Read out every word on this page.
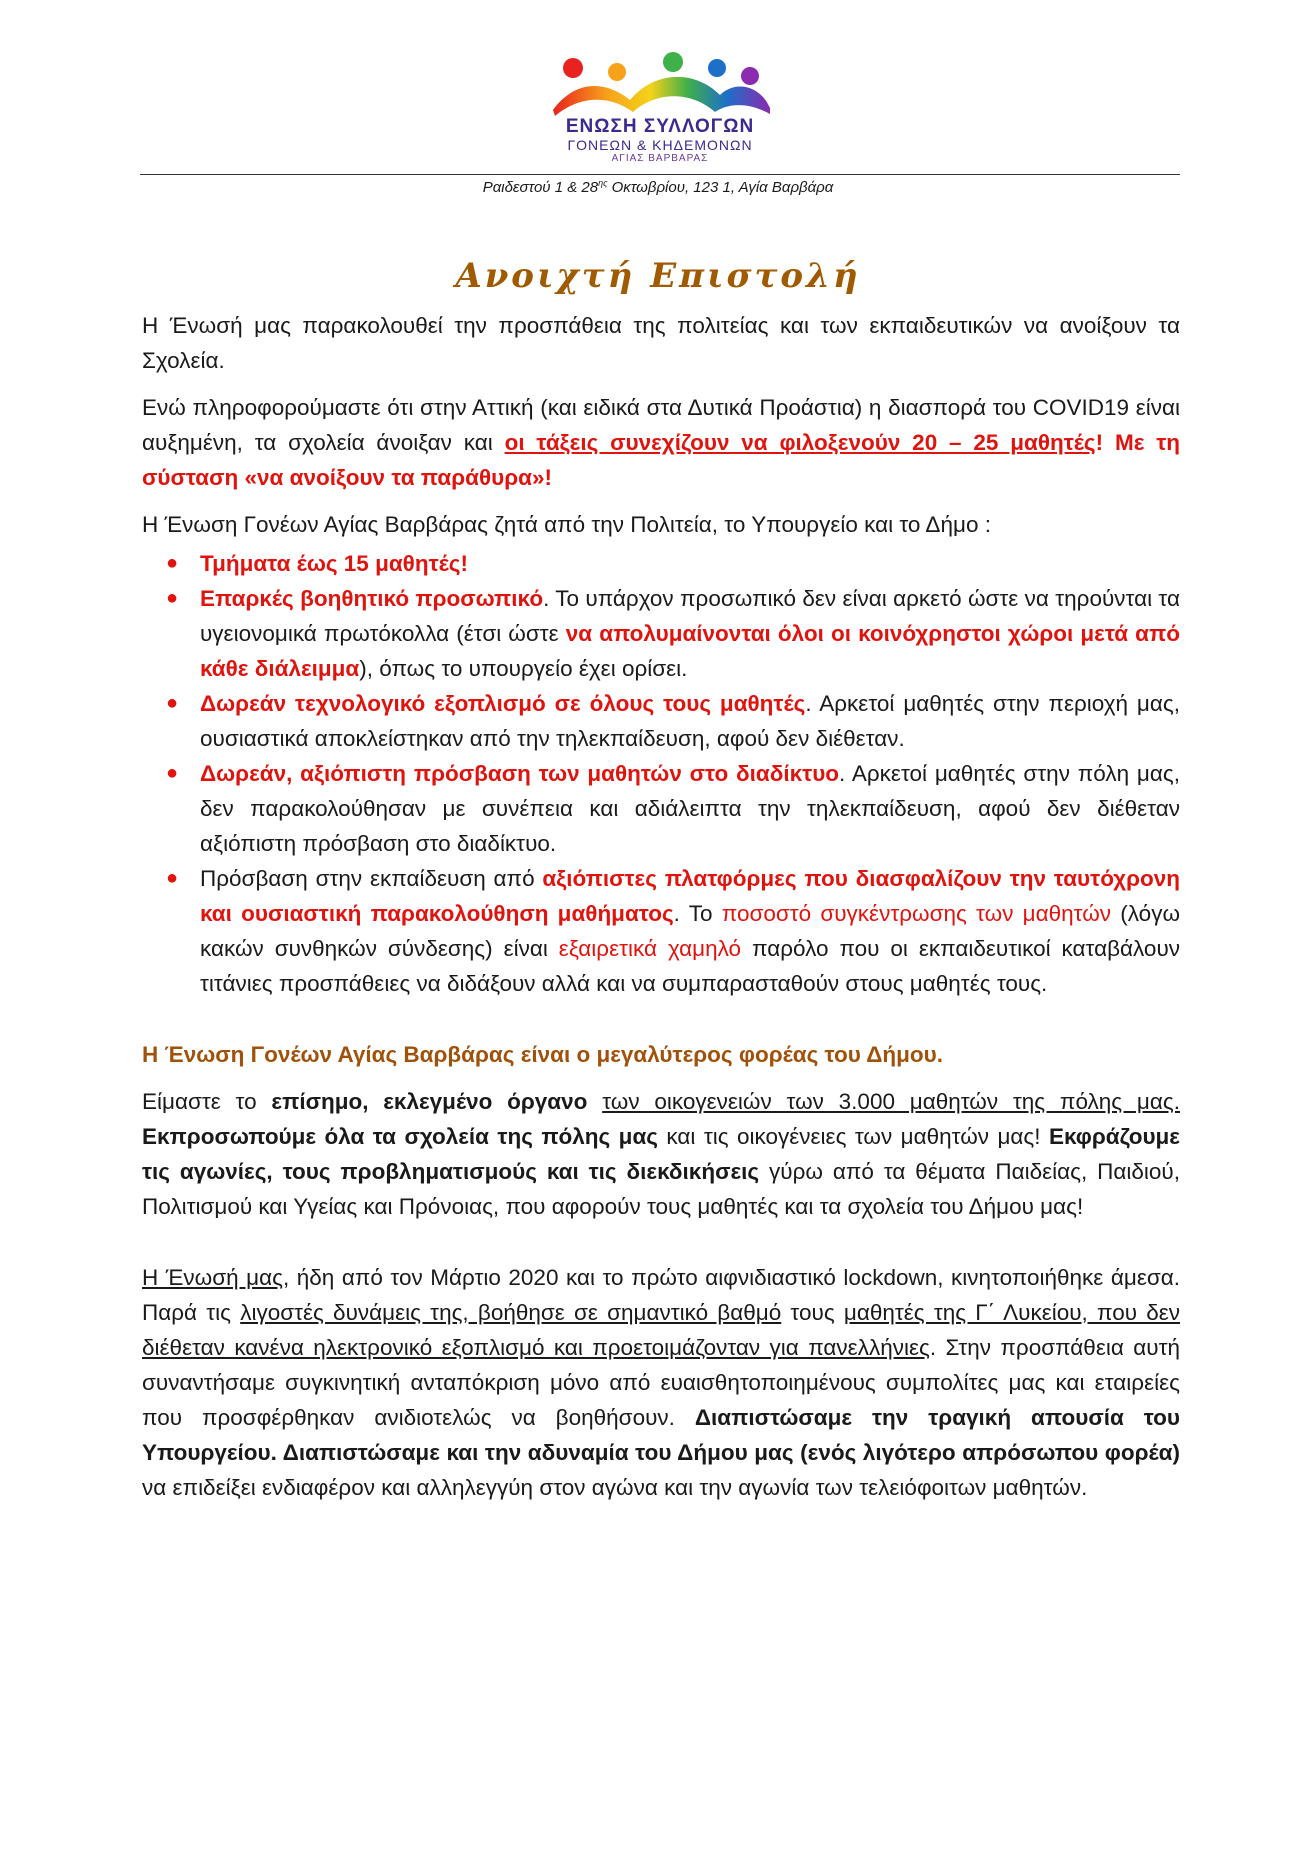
ΕΝΩΣΗ ΣΥΛΛΟΓΩΝ
ΓΟΝΕΩΝ & ΚΗΔΕΜΟΝΩΝ
ΑΓΙΑΣ ΒΑΡΒΑΡΑΣ
Ραιδεστού 1 & $28^{\eta\varsigma}$ Οκτωβρίου, 123 1, Αγία Βαρβάρα
Ανοιχτή Επιστολή

Η Ένωσή μας παρακολουθεί την προσπάθεια της πολιτείας και των εκπαιδευτικών να ανοίξουν τα Σχολεία.

Ενώ πληροφορούμαστε ότι στην Αττική (και ειδικά στα Δυτικά Προάστια) η διασπορά του COVID19 είναι αυξημένη, τα σχολεία άνοιξαν και οι τάξεις συνεχίζουν να φιλοξενούν 20 – 25 μαθητές! Με τη σύσταση «να ανοίξουν τα παράθυρα»!

Η Ένωση Γονέων Αγίας Βαρβάρας ζητά από την Πολιτεία, το Υπουργείο και το Δήμο :

● Τμήματα έως 15 μαθητές!
● Επαρκές βοηθητικό προσωπικό. Το υπάρχον προσωπικό δεν είναι αρκετό ώστε να τηρούνται τα υγειονομικά πρωτόκολλα (έτσι ώστε να απολυμαίνονται όλοι οι κοινόχρηστοι χώροι μετά από κάθε διάλειμμα), όπως το υπουργείο έχει ορίσει.
● Δωρεάν τεχνολογικό εξοπλισμό σε όλους τους μαθητές. Αρκετοί μαθητές στην περιοχή μας, ουσιαστικά αποκλείστηκαν από την τηλεκπαίδευση, αφού δεν διέθεταν.
● Δωρεάν, αξιόπιστη πρόσβαση των μαθητών στο διαδίκτυο. Αρκετοί μαθητές στην πόλη μας, δεν παρακολούθησαν με συνέπεια και αδιάλειπτα την τηλεκπαίδευση, αφού δεν διέθεταν αξιόπιστη πρόσβαση στο διαδίκτυο.
● Πρόσβαση στην εκπαίδευση από αξιόπιστες πλατφόρμες που διασφαλίζουν την ταυτόχρονη και ουσιαστική παρακολούθηση μαθήματος. Το ποσοστό συγκέντρωσης των μαθητών (λόγω κακών συνθηκών σύνδεσης) είναι εξαιρετικά χαμηλό παρόλο που οι εκπαιδευτικοί καταβάλουν τιτάνιες προσπάθειες να διδάξουν αλλά και να συμπαρασταθούν στους μαθητές τους.

Η Ένωση Γονέων Αγίας Βαρβάρας είναι ο μεγαλύτερος φορέας του Δήμου.

Είμαστε το επίσημο, εκλεγμένο όργανο των οικογενειών των 3.000 μαθητών της πόλης μας. Εκπροσωπούμε όλα τα σχολεία της πόλης μας και τις οικογένειες των μαθητών μας! Εκφράζουμε τις αγωνίες, τους προβληματισμούς και τις διεκδικήσεις γύρω από τα θέματα Παιδείας, Παιδιού, Πολιτισμού και Υγείας και Πρόνοιας, που αφορούν τους μαθητές και τα σχολεία του Δήμου μας!

Η Ένωσή μας, ήδη από τον Μάρτιο 2020 και το πρώτο αιφνιδιαστικό lockdown, κινητοποιήθηκε άμεσα. Παρά τις λιγοστές δυνάμεις της, βοήθησε σε σημαντικό βαθμό τους μαθητές της Γ΄ Λυκείου, που δεν διέθεταν κανένα ηλεκτρονικό εξοπλισμό και προετοιμάζονταν για πανελλήνιες. Στην προσπάθεια αυτή συναντήσαμε συγκινητική ανταπόκριση μόνο από ευαισθητοποιημένους συμπολίτες μας και εταιρείες που προσφέρθηκαν ανιδιοτελώς να βοηθήσουν. Διαπιστώσαμε την τραγική απουσία του Υπουργείου. Διαπιστώσαμε και την αδυναμία του Δήμου μας (ενός λιγότερο απρόσωπου φορέα) να επιδείξει ενδιαφέρον και αλληλεγγύη στον αγώνα και την αγωνία των τελειόφοιτων μαθητών.
